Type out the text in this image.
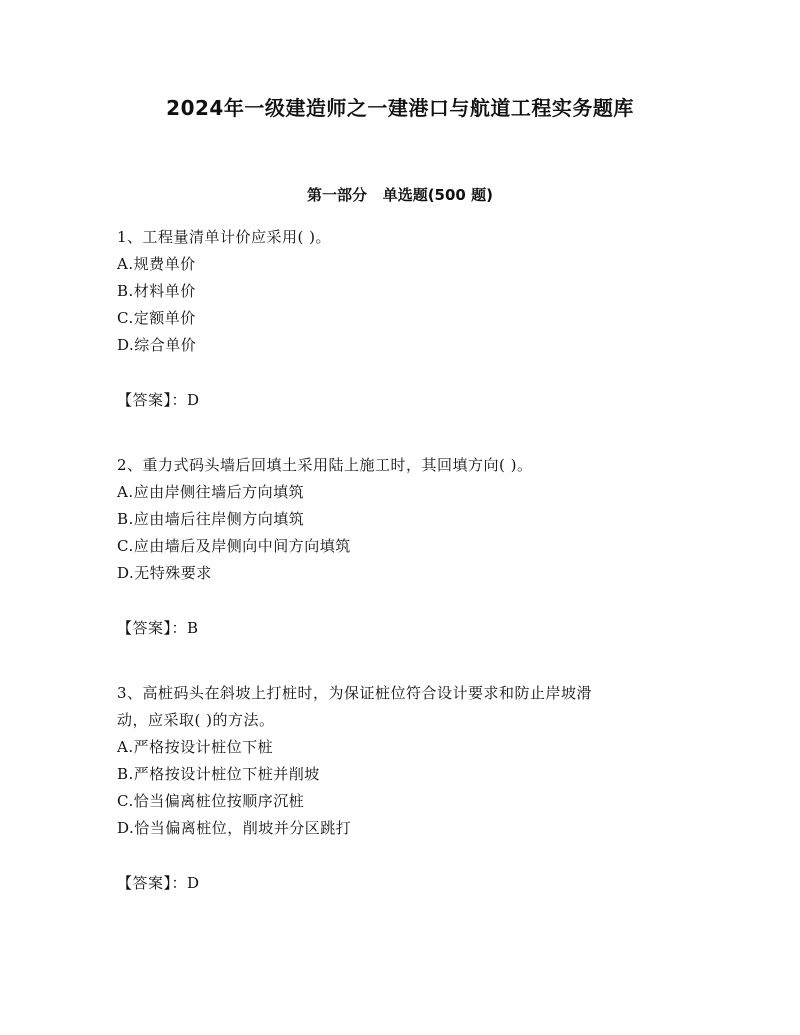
2024年一级建造师之一建港口与航道工程实务题库
第一部分   单选题(500 题)
1、工程量清单计价应采用( )。
A.规费单价
B.材料单价
C.定额单价
D.综合单价
【答案】：D
2、重力式码头墙后回填土采用陆上施工时，其回填方向( )。
A.应由岸侧往墙后方向填筑
B.应由墙后往岸侧方向填筑
C.应由墙后及岸侧向中间方向填筑
D.无特殊要求
【答案】：B
3、高桩码头在斜坡上打桩时，为保证桩位符合设计要求和防止岸坡滑
动，应采取( )的方法。
A.严格按设计桩位下桩
B.严格按设计桩位下桩并削坡
C.恰当偏离桩位按顺序沉桩
D.恰当偏离桩位，削坡并分区跳打
【答案】：D
